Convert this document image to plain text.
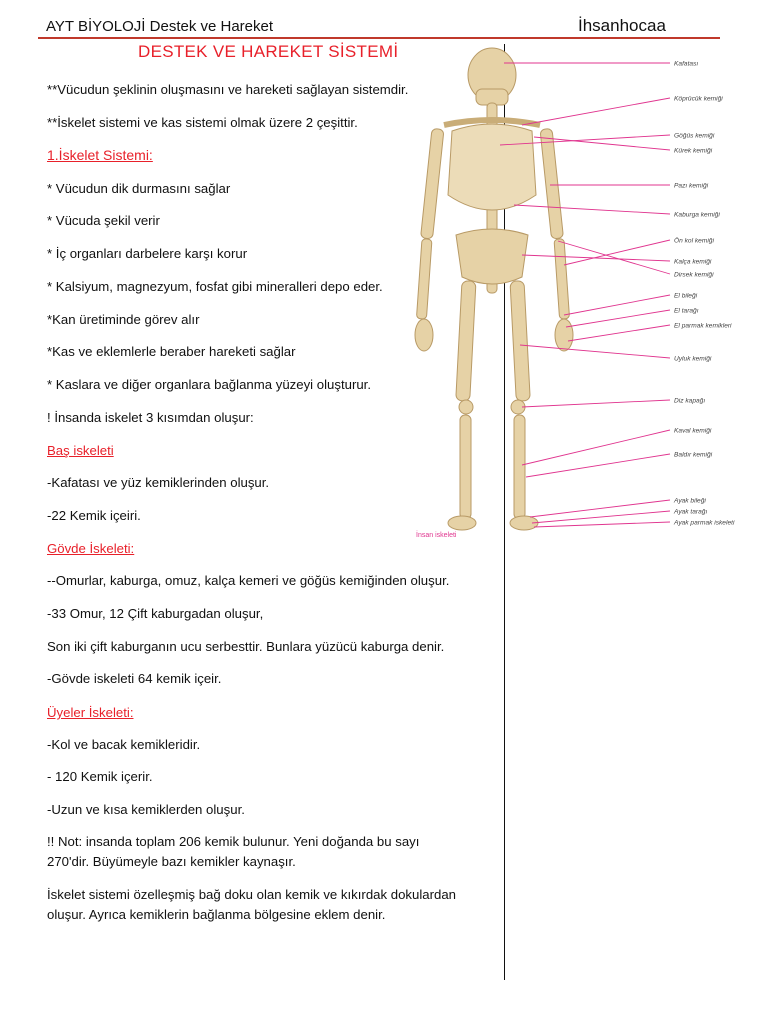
AYT BİYOLOJİ Destek ve Hareket	İhsanhocaa
DESTEK VE HAREKET SİSTEMİ
**Vücudun şeklinin oluşmasını ve hareketi sağlayan sistemdir.
**İskelet sistemi ve kas sistemi olmak üzere 2 çeşittir.
1.İskelet Sistemi:
* Vücudun dik durmasını sağlar
* Vücuda şekil verir
* İç organları darbelere karşı korur
* Kalsiyum, magnezyum, fosfat gibi mineralleri depo eder.
*Kan üretiminde görev alır
*Kas ve eklemlerle beraber hareketi sağlar
* Kaslara ve diğer organlara bağlanma yüzeyi oluşturur.
! İnsanda iskelet 3 kısımdan oluşur:
Baş iskeleti
-Kafatası ve yüz kemiklerinden oluşur.
-22 Kemik içeiri.
Gövde İskeleti:
--Omurlar, kaburga, omuz, kalça kemeri ve göğüs kemiğinden oluşur.
-33 Omur, 12 Çift kaburgadan oluşur,
Son iki çift kaburganın ucu serbesttir. Bunlara yüzücü kaburga denir.
-Gövde iskeleti 64 kemik içeir.
Üyeler İskeleti:
-Kol ve bacak kemikleridir.
- 120 Kemik içerir.
-Uzun ve kısa kemiklerden oluşur.
!! Not: insanda toplam 206 kemik bulunur. Yeni doğanda bu sayı 270'dir. Büyümeyle bazı kemikler kaynaşır.
İskelet sistemi özelleşmiş bağ doku olan kemik ve kıkırdak dokulardan oluşur. Ayrıca kemiklerin bağlanma bölgesine eklem denir.
Kafatası
Köprücük kemiği
Göğüs kemiği
Kürek kemiği
Pazı kemiği
Kaburga kemiği
Ön kol kemiği
Kalça kemiği
Dirsek kemiği
El bileği
El tarağı
El parmak kemikleri
Uyluk kemiği
Diz kapağı
Kaval kemiği
Baldır kemiği
Ayak bileği
Ayak tarağı
Ayak parmak iskeleti
İnsan iskeleti
